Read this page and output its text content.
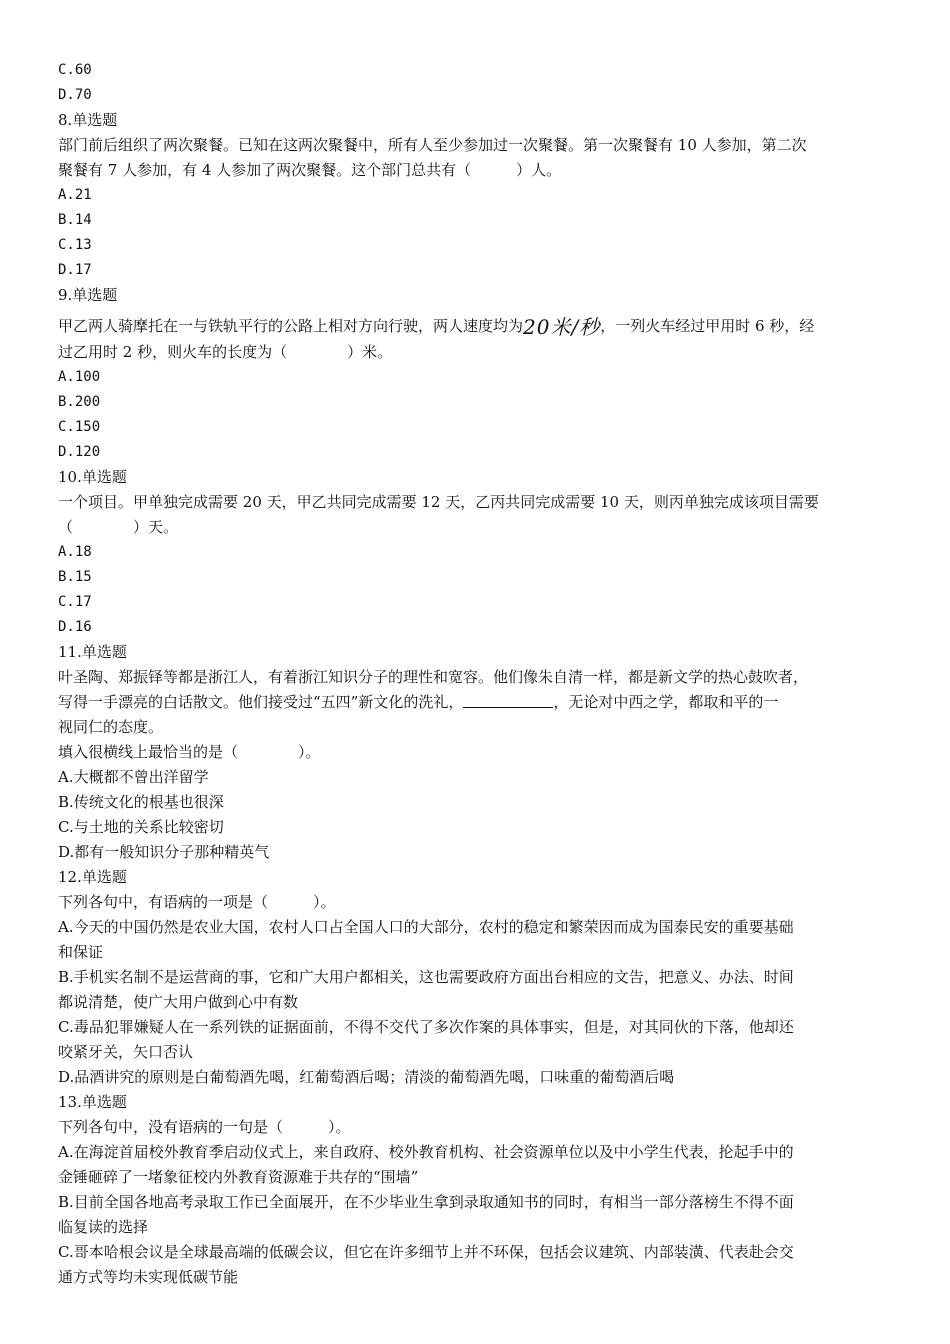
C.60

D.70

8.单选题

部门前后组织了两次聚餐。已知在这两次聚餐中，所有人至少参加过一次聚餐。第一次聚餐有 10 人参加，第二次

聚餐有 7 人参加，有 4 人参加了两次聚餐。这个部门总共有（　　　）人。

A.21

B.14

C.13

D.17

9.单选题

甲乙两人骑摩托在一与铁轨平行的公路上相对方向行驶，两人速度均为20米/秒，一列火车经过甲用时 6 秒，经

过乙用时 2 秒，则火车的长度为（　　　　）米。

A.100

B.200

C.150

D.120

10.单选题

一个项目。甲单独完成需要 20 天，甲乙共同完成需要 12 天，乙丙共同完成需要 10 天，则丙单独完成该项目需要

（　　　　）天。

A.18

B.15

C.17

D.16

11.单选题

叶圣陶、郑振铎等都是浙江人，有着浙江知识分子的理性和宽容。他们像朱自清一样，都是新文学的热心鼓吹者，

写得一手漂亮的白话散文。他们接受过“五四”新文化的洗礼，	，无论对中西之学，都取和平的一

视同仁的态度。

填入很横线上最恰当的是（　　　　）。

A.大概都不曾出洋留学

B.传统文化的根基也很深

C.与土地的关系比较密切

D.都有一般知识分子那种精英气

12.单选题

下列各句中，有语病的一项是（　　　）。

A.今天的中国仍然是农业大国，农村人口占全国人口的大部分，农村的稳定和繁荣因而成为国泰民安的重要基础

和保证

B.手机实名制不是运营商的事，它和广大用户都相关，这也需要政府方面出台相应的文告，把意义、办法、时间

都说清楚，使广大用户做到心中有数

C.毒品犯罪嫌疑人在一系列铁的证据面前，不得不交代了多次作案的具体事实，但是，对其同伙的下落，他却还

咬紧牙关，矢口否认

D.品酒讲究的原则是白葡萄酒先喝，红葡萄酒后喝；清淡的葡萄酒先喝，口味重的葡萄酒后喝

13.单选题

下列各句中，没有语病的一句是（　　　）。

A.在海淀首届校外教育季启动仪式上，来自政府、校外教育机构、社会资源单位以及中小学生代表，抡起手中的

金锤砸碎了一堵象征校内外教育资源难于共存的“围墙”

B.目前全国各地高考录取工作已全面展开，在不少毕业生拿到录取通知书的同时，有相当一部分落榜生不得不面

临复读的选择

C.哥本哈根会议是全球最高端的低碳会议，但它在许多细节上并不环保，包括会议建筑、内部装潢、代表赴会交

通方式等均未实现低碳节能
